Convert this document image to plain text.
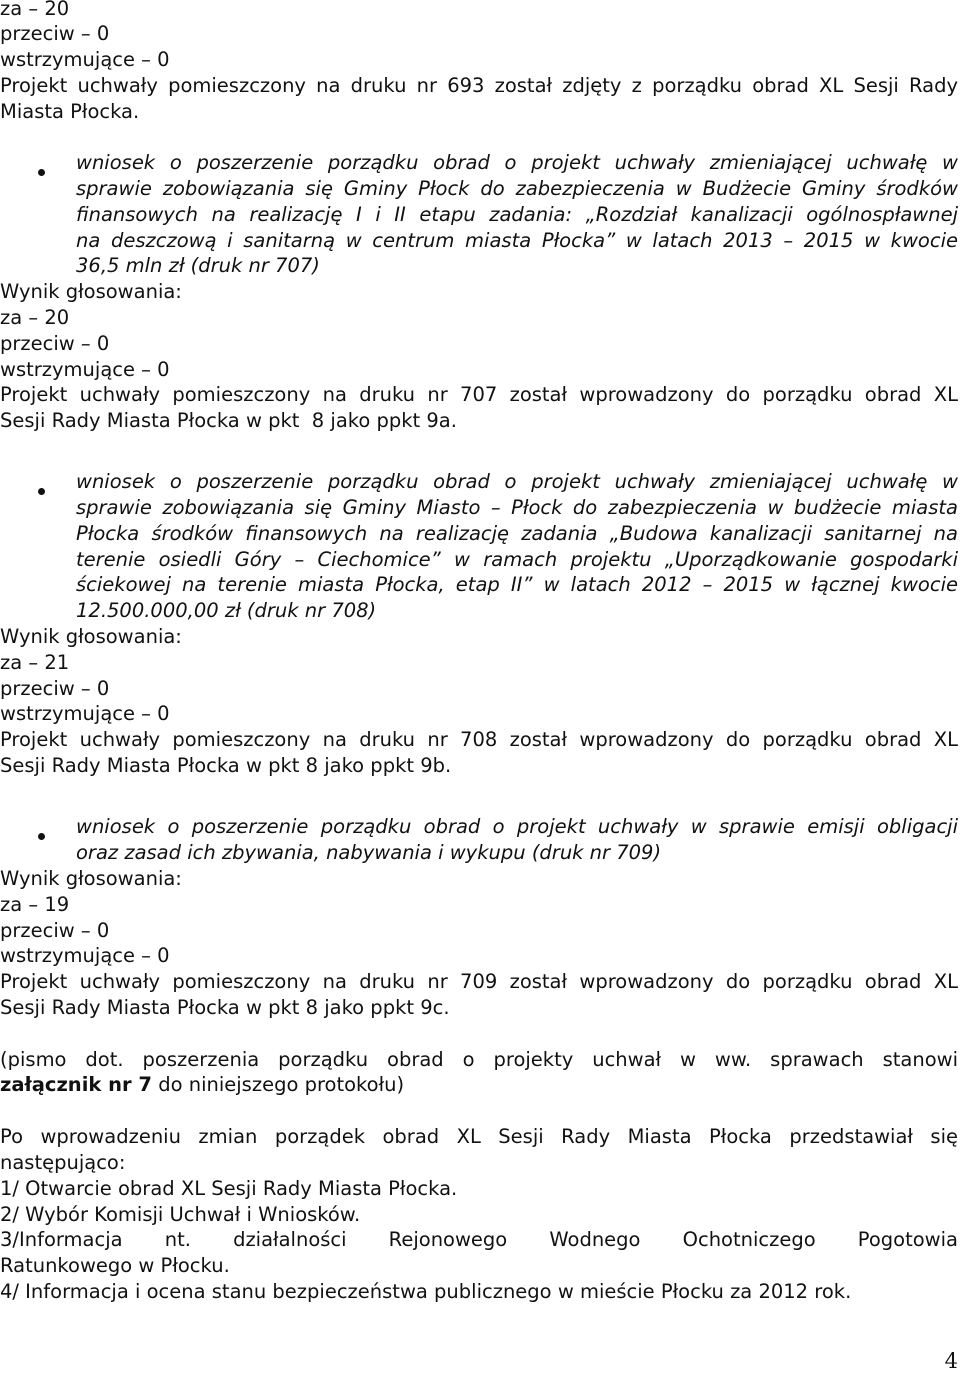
za – 20
przeciw – 0
wstrzymujące – 0
Projekt uchwały pomieszczony na druku nr 693 został zdjęty z porządku obrad XL Sesji Rady
Miasta Płocka.
wniosek o poszerzenie porządku obrad o projekt uchwały zmieniającej uchwałę w
sprawie zobowiązania się Gminy Płock do zabezpieczenia w Budżecie Gminy środków
finansowych na realizację I i II etapu zadania: „Rozdział kanalizacji ogólnospławnej
na deszczową i sanitarną w centrum miasta Płocka” w latach 2013 – 2015 w kwocie
36,5 mln zł (druk nr 707)
Wynik głosowania:
za – 20
przeciw – 0
wstrzymujące – 0
Projekt uchwały pomieszczony na druku nr 707 został wprowadzony do porządku obrad XL
Sesji Rady Miasta Płocka w pkt  8 jako ppkt 9a.
wniosek o poszerzenie porządku obrad o projekt uchwały zmieniającej uchwałę w
sprawie zobowiązania się Gminy Miasto – Płock do zabezpieczenia w budżecie miasta
Płocka środków finansowych na realizację zadania „Budowa kanalizacji sanitarnej na
terenie osiedli Góry – Ciechomice” w ramach projektu „Uporządkowanie gospodarki
ściekowej na terenie miasta Płocka, etap II” w latach 2012 – 2015 w łącznej kwocie
12.500.000,00 zł (druk nr 708)
Wynik głosowania:
za – 21
przeciw – 0
wstrzymujące – 0
Projekt uchwały pomieszczony na druku nr 708 został wprowadzony do porządku obrad XL
Sesji Rady Miasta Płocka w pkt 8 jako ppkt 9b.
wniosek o poszerzenie porządku obrad o projekt uchwały w sprawie emisji obligacji
oraz zasad ich zbywania, nabywania i wykupu (druk nr 709)
Wynik głosowania:
za – 19
przeciw – 0
wstrzymujące – 0
Projekt uchwały pomieszczony na druku nr 709 został wprowadzony do porządku obrad XL
Sesji Rady Miasta Płocka w pkt 8 jako ppkt 9c.
(pismo dot. poszerzenia porządku obrad o projekty uchwał w ww. sprawach stanowi
załącznik nr 7 do niniejszego protokołu)
Po wprowadzeniu zmian porządek obrad XL Sesji Rady Miasta Płocka przedstawiał się
następująco:
1/ Otwarcie obrad XL Sesji Rady Miasta Płocka.
2/ Wybór Komisji Uchwał i Wniosków.
3/Informacja nt. działalności Rejonowego Wodnego Ochotniczego Pogotowia
Ratunkowego w Płocku.
4/ Informacja i ocena stanu bezpieczeństwa publicznego w mieście Płocku za 2012 rok.
4
